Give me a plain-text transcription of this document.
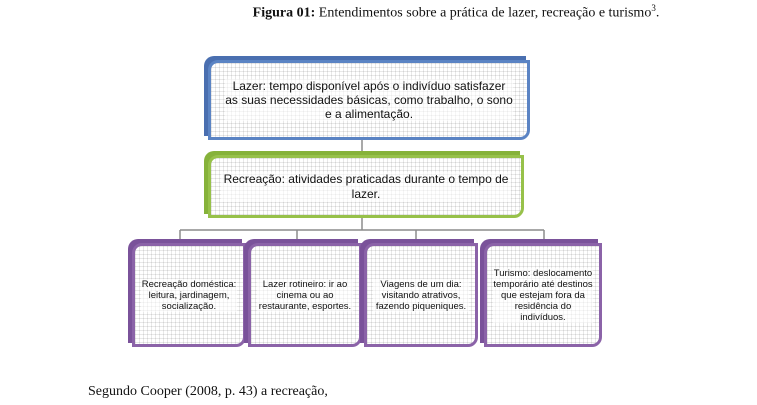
Figura 01: Entendimentos sobre a prática de lazer, recreação e turismo$^3$.
Lazer: tempo disponível após o indivíduo satisfazer as suas necessidades básicas, como trabalho, o sono e a alimentação.
Recreação: atividades praticadas durante o tempo de lazer.
Recreação doméstica: leitura, jardinagem, socialização.
Lazer rotineiro: ir ao cinema ou ao restaurante, esportes.
Viagens de um dia: visitando atrativos, fazendo piqueniques.
Turismo: deslocamento temporário até destinos que estejam fora da residência do indivíduos.
Segundo Cooper (2008, p. 43) a recreação,
